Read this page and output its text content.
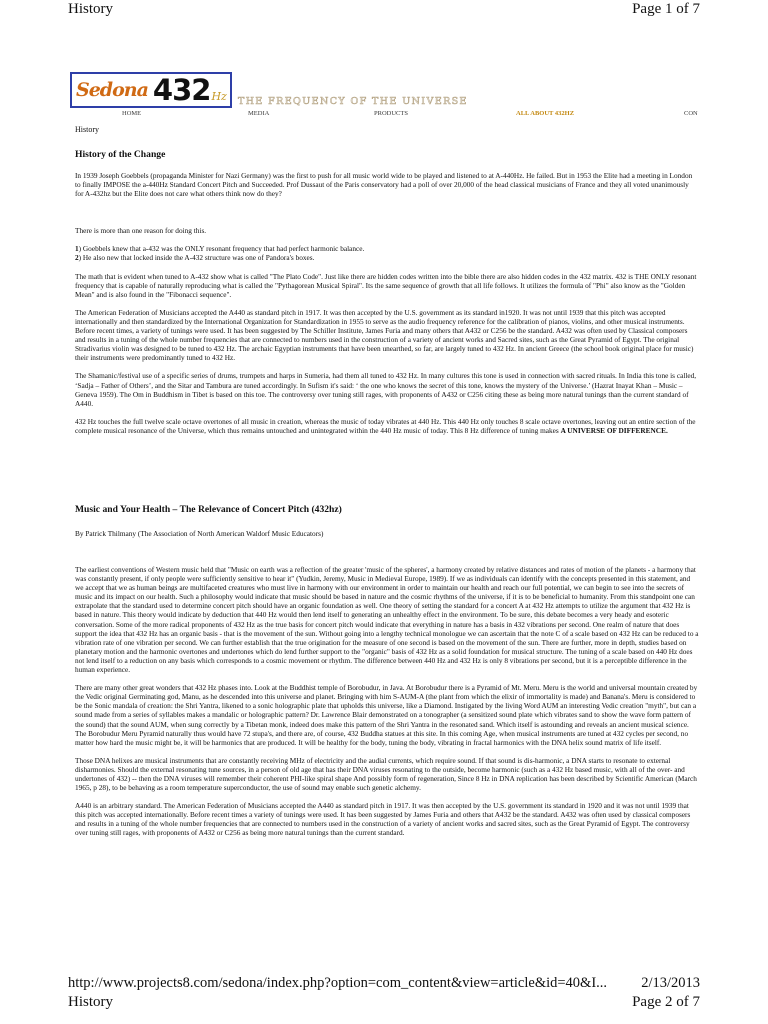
History	Page 1 of 7
Sedona 432 Hz THE FREQUENCY OF THE UNIVERSE
HOME	MEDIA	PRODUCTS	ALL ABOUT 432HZ	CON
History
History of the Change

In 1939 Joseph Goebbels (propaganda Minister for Nazi Germany) was the first to push for all music world wide to be played and listened to at A-440Hz. He failed. But in 1953 the Elite had a meeting in London to finally IMPOSE the a-440Hz Standard Concert Pitch and Succeeded. Prof Dussaut of the Paris conservatory had a poll of over 20,000 of the head classical musicians of France and they all voted unanimously for A-432hz but the Elite does not care what others think now do they?

There is more than one reason for doing this.

1) Goebbels knew that a-432 was the ONLY resonant frequency that had perfect harmonic balance.

2) He also new that locked inside the A-432 structure was one of Pandora's boxes.

The math that is evident when tuned to A-432 show what is called "The Plato Code". Just like there are hidden codes written into the bible there are also hidden codes in the 432 matrix. 432 is THE ONLY resonant frequency that is capable of naturally reproducing what is called the "Pythagorean Musical Spiral". Its the same sequence of growth that all life follows. It utilizes the formula of "Phi" also know as the "Golden Mean" and is also found in the "Fibonacci sequence".

The American Federation of Musicians accepted the A440 as standard pitch in 1917. It was then accepted by the U.S. government as its standard in1920. It was not until 1939 that this pitch was accepted internationally and then standardized by the International Organization for Standardization in 1955 to serve as the audio frequency reference for the calibration of pianos, violins, and other musical instruments. Before recent times, a variety of tunings were used. It has been suggested by The Schiller Institute, James Furia and many others that A432 or C256 be the standard. A432 was often used by Classical composers and results in a tuning of the whole number frequencies that are connected to numbers used in the construction of a variety of ancient works and Sacred sites, such as the Great Pyramid of Egypt. The original Stradivarius violin was designed to be tuned to 432 Hz. The archaic Egyptian instruments that have been unearthed, so far, are largely tuned to 432 Hz. In ancient Greece (the school book original place for music) their instruments were predominantly tuned to 432 Hz.

The Shamanic/festival use of a specific series of drums, trumpets and harps in Sumeria, had them all tuned to 432 Hz. In many cultures this tone is used in connection with sacred rituals. In India this tone is called, ‘Sadja – Father of Others’, and the Sitar and Tambura are tuned accordingly. In Sufism it's said: ‘ the one who knows the secret of this tone, knows the mystery of the Universe.’ (Hazrat Inayat Khan – Music – Geneva 1959). The Om in Buddhism in Tibet is based on this toe. The controversy over tuning still rages, with proponents of A432 or C256 citing these as being more natural tunings than the current standard of A440.

432 Hz touches the full twelve scale octave overtones of all music in creation, whereas the music of today vibrates at 440 Hz. This 440 Hz only touches 8 scale octave overtones, leaving out an entire section of the complete musical resonance of the Universe, which thus remains untouched and unintegrated within the 440 Hz music of today. This 8 Hz difference of tuning makes A UNIVERSE OF DIFFERENCE.

Music and Your Health – The Relevance of Concert Pitch (432hz)
By Patrick Thilmany (The Association of North American Waldorf Music Educators)

The earliest conventions of Western music held that "Music on earth was a reflection of the greater 'music of the spheres', a harmony created by relative distances and rates of motion of the planets - a harmony that was constantly present, if only people were sufficiently sensitive to hear it" (Yudkin, Jeremy, Music in Medieval Europe, 1989). If we as individuals can identify with the concepts presented in this statement, and we accept that we as human beings are multifaceted creatures who must live in harmony with our environment in order to maintain our health and reach our full potential, we can begin to see into the secrets of music and its impact on our health. Such a philosophy would indicate that music should be based in nature and the cosmic rhythms of the universe, if it is to be beneficial to humanity. From this standpoint one can extrapolate that the standard used to determine concert pitch should have an organic foundation as well. One theory of setting the standard for a concert A at 432 Hz attempts to utilize the argument that 432 Hz is based in nature. This theory would indicate by deduction that 440 Hz would then lend itself to generating an unhealthy effect in the environment. To be sure, this debate becomes a very heady and esoteric conversation. Some of the more radical proponents of 432 Hz as the true basis for concert pitch would indicate that everything in nature has a basis in 432 vibrations per second. One realm of nature that does support the idea that 432 Hz has an organic basis - that is the movement of the sun. Without going into a lengthy technical monologue we can ascertain that the note C of a scale based on 432 Hz can be reduced to a vibration rate of one vibration per second. We can further establish that the true origination for the measure of one second is based on the movement of the sun. There are further, more in depth, studies based on planetary motion and the harmonic overtones and undertones which do lend further support to the "organic" basis of 432 Hz as a solid foundation for musical structure. The tuning of a scale based on 440 Hz does not lend itself to a reduction on any basis which corresponds to a cosmic movement or rhythm. The difference between 440 Hz and 432 Hz is only 8 vibrations per second, but it is a perceptible difference in the human experience.

There are many other great wonders that 432 Hz phases into. Look at the Buddhist temple of Borobudur, in Java. At Borobudur there is a Pyramid of Mt. Meru. Meru is the world and universal mountain created by the Vedic original Germinating god, Manu, as he descended into this universe and planet. Bringing with him S-AUM-A (the plant from which the elixir of immortality is made) and Banana's. Meru is considered to be the Sonic mandala of creation: the Shri Yantra, likened to a sonic holographic plate that upholds this universe, like a Diamond. Instigated by the living Word AUM an interesting Vedic creation "myth", but can a sound made from a series of syllables makes a mandalic or holographic pattern? Dr. Lawrence Blair demonstrated on a tonographer (a sensitized sound plate which vibrates sand to show the wave form pattern of the sound) that the sound AUM, when sung correctly by a Tibetan monk, indeed does make this pattern of the Shri Yantra in the resonated sand. Which itself is astounding and reveals an ancient musical science. The Borobudur Meru Pyramid naturally thus would have 72 stupa's, and there are, of course, 432 Buddha statues at this site. In this coming Age, when musical instruments are tuned at 432 cycles per second, no matter how hard the music might be, it will be harmonics that are produced. It will be healthy for the body, tuning the body, vibrating in fractal harmonics with the DNA helix sound matrix of life itself.

Those DNA helixes are musical instruments that are constantly receiving MHz of electricity and the audial currents, which require sound. If that sound is dis-harmonic, a DNA starts to resonate to external disharmonies. Should the external resonating tune sources, in a person of old age that has their DNA viruses resonating to the outside, become harmonic (such as a 432 Hz based music, with all of the over- and undertones of 432) -- then the DNA viruses will remember their coherent PHI-like spiral shape And possibly form of regeneration, Since 8 Hz in DNA replication has been described by Scientific American (March 1965, p 28), to be behaving as a room temperature superconductor, the use of sound may enable such genetic alchemy.

A440 is an arbitrary standard. The American Federation of Musicians accepted the A440 as standard pitch in 1917. It was then accepted by the U.S. government its standard in 1920 and it was not until 1939 that this pitch was accepted internationally. Before recent times a variety of tunings were used. It has been suggested by James Furia and others that A432 be the standard. A432 was often used by classical composers and results in a tuning of the whole number frequencies that are connected to numbers used in the construction of a variety of ancient works and sacred sites, such as the Great Pyramid of Egypt. The controversy over tuning still rages, with proponents of A432 or C256 as being more natural tunings than the current standard.

http://www.projects8.com/sedona/index.php?option=com_content&view=article&id=40&I... 2/13/2013
History	Page 2 of 7
